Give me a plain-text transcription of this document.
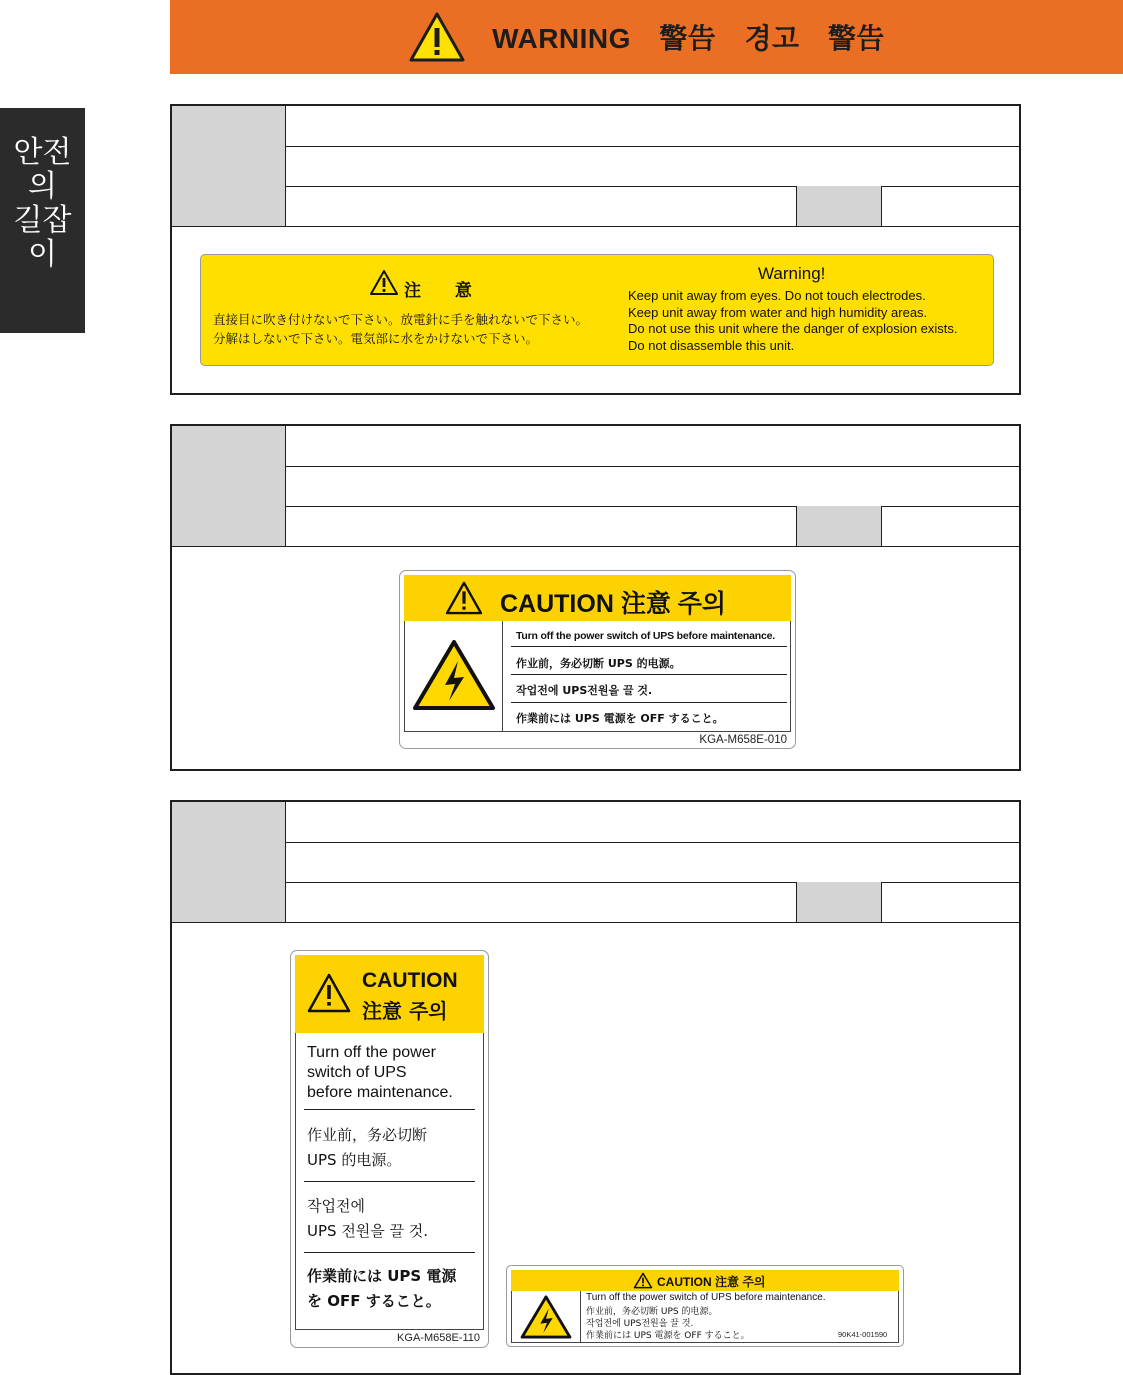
WARNING 警告 경고 警告
안전
의
길잡
이
注 意
直接目に吹き付けないで下さい。放電針に手を触れないで下さい。
分解はしないで下さい。電気部に水をかけないで下さい。
Warning!
Keep unit away from eyes. Do not touch electrodes.
Keep unit away from water and high humidity areas.
Do not use this unit where the danger of explosion exists.
Do not disassemble this unit.
CAUTION 注意 주의
Turn off the power switch of UPS before maintenance.
作业前，务必切断 UPS 的电源。
작업전에 UPS전원을 끌 것.
作業前には UPS 電源を OFF すること。
KGA-M658E-010
CAUTION
注意 주의
Turn off the power
switch of UPS
before maintenance.
作业前，务必切断
UPS 的电源。
작업전에
UPS 전원을 끌 것.
作業前には UPS 電源
を OFF すること。
KGA-M658E-110
CAUTION 注意 주의
Turn off the power switch of UPS before maintenance.
作业前，务必切断 UPS 的电源。
작업전에 UPS전원을 끌 것.
作業前には UPS 電源を OFF すること。	90K41-001590
